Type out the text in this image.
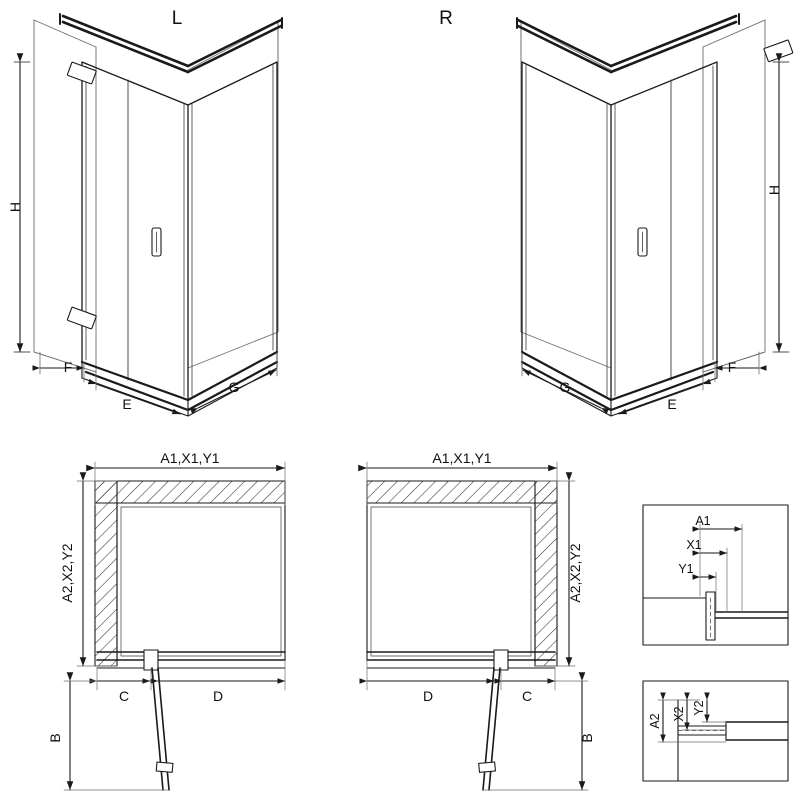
L	R
H
H
F
E
G
F
E
G
A1,X1,Y1
A2,X2,Y2
C	D
B
A1,X1,Y1
A2,X2,Y2
D	C
B
A1
X1
Y1
A2 X2 Y2
